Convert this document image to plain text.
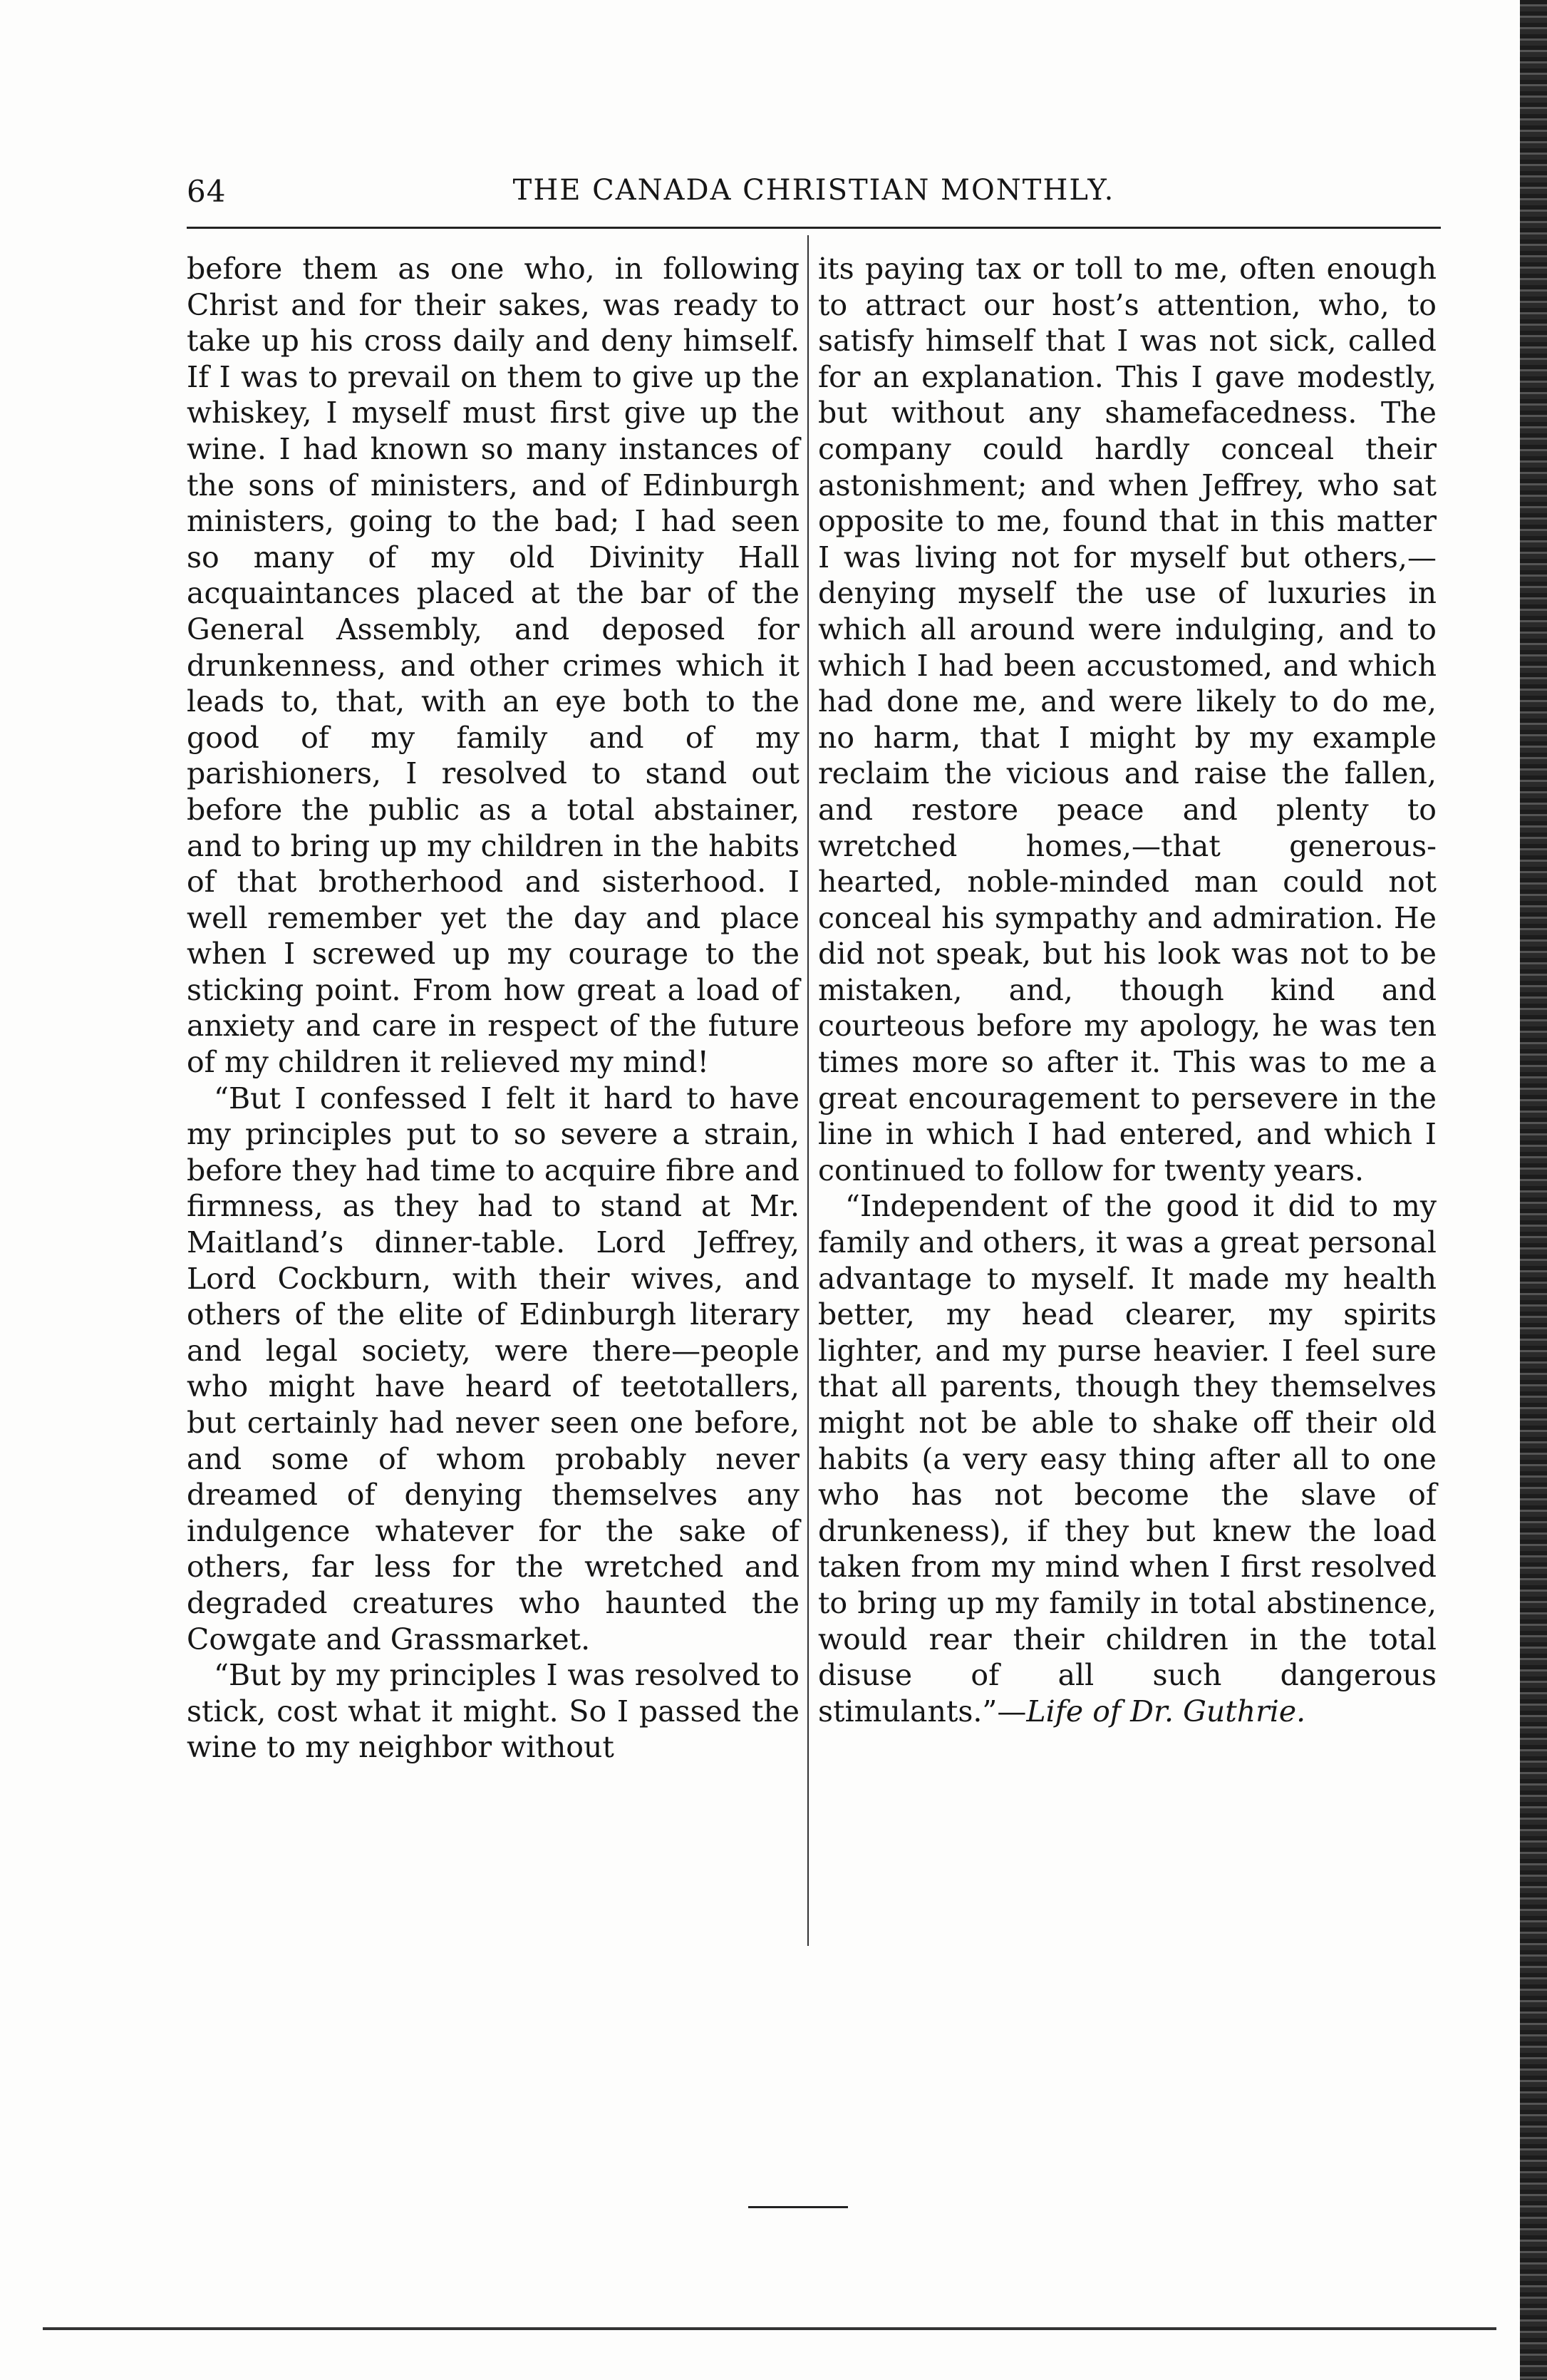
64	THE CANADA CHRISTIAN MONTHLY.

before them as one who, in following Christ and for their sakes, was ready to take up his cross daily and deny himself. If I was to prevail on them to give up the whiskey, I myself must first give up the wine. I had known so many instances of the sons of ministers, and of Edinburgh ministers, going to the bad; I had seen so many of my old Divinity Hall acquaintances placed at the bar of the General Assembly, and deposed for drunkenness, and other crimes which it leads to, that, with an eye both to the good of my family and of my parishioners, I resolved to stand out before the public as a total abstainer, and to bring up my children in the habits of that brotherhood and sisterhood. I well remember yet the day and place when I screwed up my courage to the sticking point. From how great a load of anxiety and care in respect of the future of my children it relieved my mind!

“But I confessed I felt it hard to have my principles put to so severe a strain, before they had time to acquire fibre and firmness, as they had to stand at Mr. Maitland’s dinner-table. Lord Jeffrey, Lord Cockburn, with their wives, and others of the elite of Edinburgh literary and legal society, were there—people who might have heard of teetotallers, but certainly had never seen one before, and some of whom probably never dreamed of denying themselves any indulgence whatever for the sake of others, far less for the wretched and degraded creatures who haunted the Cowgate and Grassmarket.

“But by my principles I was resolved to stick, cost what it might. So I passed the wine to my neighbor without

its paying tax or toll to me, often enough to attract our host’s attention, who, to satisfy himself that I was not sick, called for an explanation. This I gave modestly, but without any shamefacedness. The company could hardly conceal their astonishment; and when Jeffrey, who sat opposite to me, found that in this matter I was living not for myself but others,—denying myself the use of luxuries in which all around were indulging, and to which I had been accustomed, and which had done me, and were likely to do me, no harm, that I might by my example reclaim the vicious and raise the fallen, and restore peace and plenty to wretched homes,—that generous-hearted, noble-minded man could not conceal his sympathy and admiration. He did not speak, but his look was not to be mistaken, and, though kind and courteous before my apology, he was ten times more so after it. This was to me a great encouragement to persevere in the line in which I had entered, and which I continued to follow for twenty years.

“Independent of the good it did to my family and others, it was a great personal advantage to myself. It made my health better, my head clearer, my spirits lighter, and my purse heavier. I feel sure that all parents, though they themselves might not be able to shake off their old habits (a very easy thing after all to one who has not become the slave of drunkeness), if they but knew the load taken from my mind when I first resolved to bring up my family in total abstinence, would rear their children in the total disuse of all such dangerous stimulants.”—Life of Dr. Guthrie.
